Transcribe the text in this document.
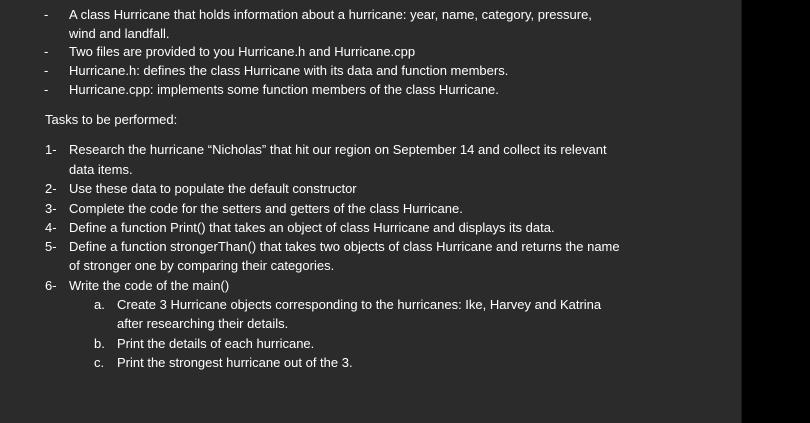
- A class Hurricane that holds information about a hurricane: year, name, category, pressure,
wind and landfall.
- Two files are provided to you Hurricane.h and Hurricane.cpp
- Hurricane.h: defines the class Hurricane with its data and function members.
- Hurricane.cpp: implements some function members of the class Hurricane.
Tasks to be performed:
1- Research the hurricane “Nicholas” that hit our region on September 14 and collect its relevant
data items.
2- Use these data to populate the default constructor
3- Complete the code for the setters and getters of the class Hurricane.
4- Define a function Print() that takes an object of class Hurricane and displays its data.
5- Define a function strongerThan() that takes two objects of class Hurricane and returns the name
of stronger one by comparing their categories.
6- Write the code of the main()
a. Create 3 Hurricane objects corresponding to the hurricanes: Ike, Harvey and Katrina
after researching their details.
b. Print the details of each hurricane.
c. Print the strongest hurricane out of the 3.
